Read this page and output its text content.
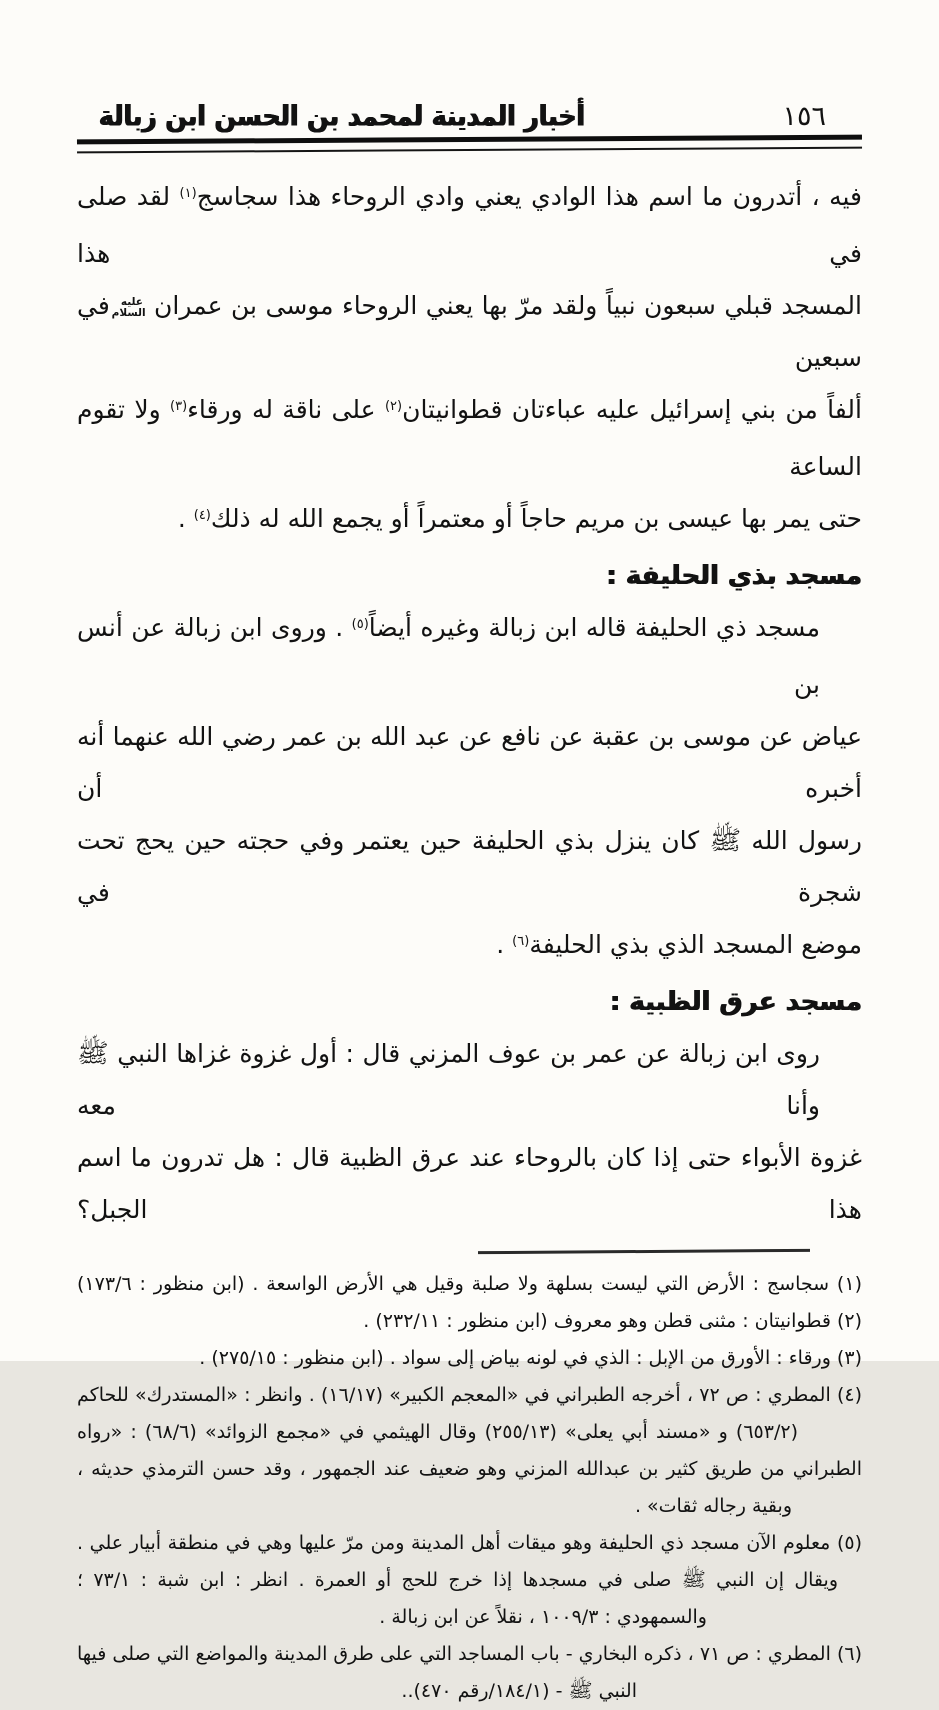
أخبار المدينة لمحمد بن الحسن ابن زبالة	١٥٦
فيه ، أتدرون ما اسم هذا الوادي يعني وادي الروحاء هذا سجاسج$^{(١)}$ لقد صلى في هذا
المسجد قبلي سبعون نبياً ولقد مرّ بها يعني الروحاء موسى بن عمران عليه السلام في سبعين
ألفاً من بني إسرائيل عليه عباءتان قطوانيتان$^{(٢)}$ على ناقة له ورقاء$^{(٣)}$ ولا تقوم الساعة
حتى يمر بها عيسى بن مريم حاجاً أو معتمراً أو يجمع الله له ذلك$^{(٤)}$ .
مسجد بذي الحليفة :
مسجد ذي الحليفة قاله ابن زبالة وغيره أيضاً$^{(٥)}$ . وروى ابن زبالة عن أنس بن
عياض عن موسى بن عقبة عن نافع عن عبد الله بن عمر رضي الله عنهما أنه أخبره أن
رسول الله ﷺ كان ينزل بذي الحليفة حين يعتمر وفي حجته حين يحج تحت شجرة في
موضع المسجد الذي بذي الحليفة$^{(٦)}$ .
مسجد عرق الظبية :
روى ابن زبالة عن عمر بن عوف المزني قال : أول غزوة غزاها النبي ﷺ وأنا معه
غزوة الأبواء حتى إذا كان بالروحاء عند عرق الظبية قال : هل تدرون ما اسم هذا الجبل؟
(١) سجاسج : الأرض التي ليست بسلهة ولا صلبة وقيل هي الأرض الواسعة . (ابن منظور : ١٧٣/٦)
(٢) قطوانيتان : مثنى قطن وهو معروف (ابن منظور : ٢٣٢/١١) .
(٣) ورقاء : الأورق من الإبل : الذي في لونه بياض إلى سواد . (ابن منظور : ٢٧٥/١٥) .
(٤) المطري : ص ٧٢ ، أخرجه الطبراني في «المعجم الكبير» (١٦/١٧) . وانظر : «المستدرك» للحاكم
(٦٥٣/٢) و «مسند أبي يعلى» (٢٥٥/١٣) وقال الهيثمي في «مجمع الزوائد» (٦٨/٦) : «رواه
الطبراني من طريق كثير بن عبدالله المزني وهو ضعيف عند الجمهور ، وقد حسن الترمذي حديثه ،
وبقية رجاله ثقات» .
(٥) معلوم الآن مسجد ذي الحليفة وهو ميقات أهل المدينة ومن مرّ عليها وهي في منطقة أبيار علي .
ويقال إن النبي ﷺ صلى في مسجدها إذا خرج للحج أو العمرة . انظر : ابن شبة : ٧٣/١ ؛
والسمهودي : ١٠٠٩/٣ ، نقلاً عن ابن زبالة .
(٦) المطري : ص ٧١ ، ذكره البخاري - باب المساجد التي على طرق المدينة والمواضع التي صلى فيها
النبي ﷺ - (١٨٤/١/رقم ٤٧٠)..
